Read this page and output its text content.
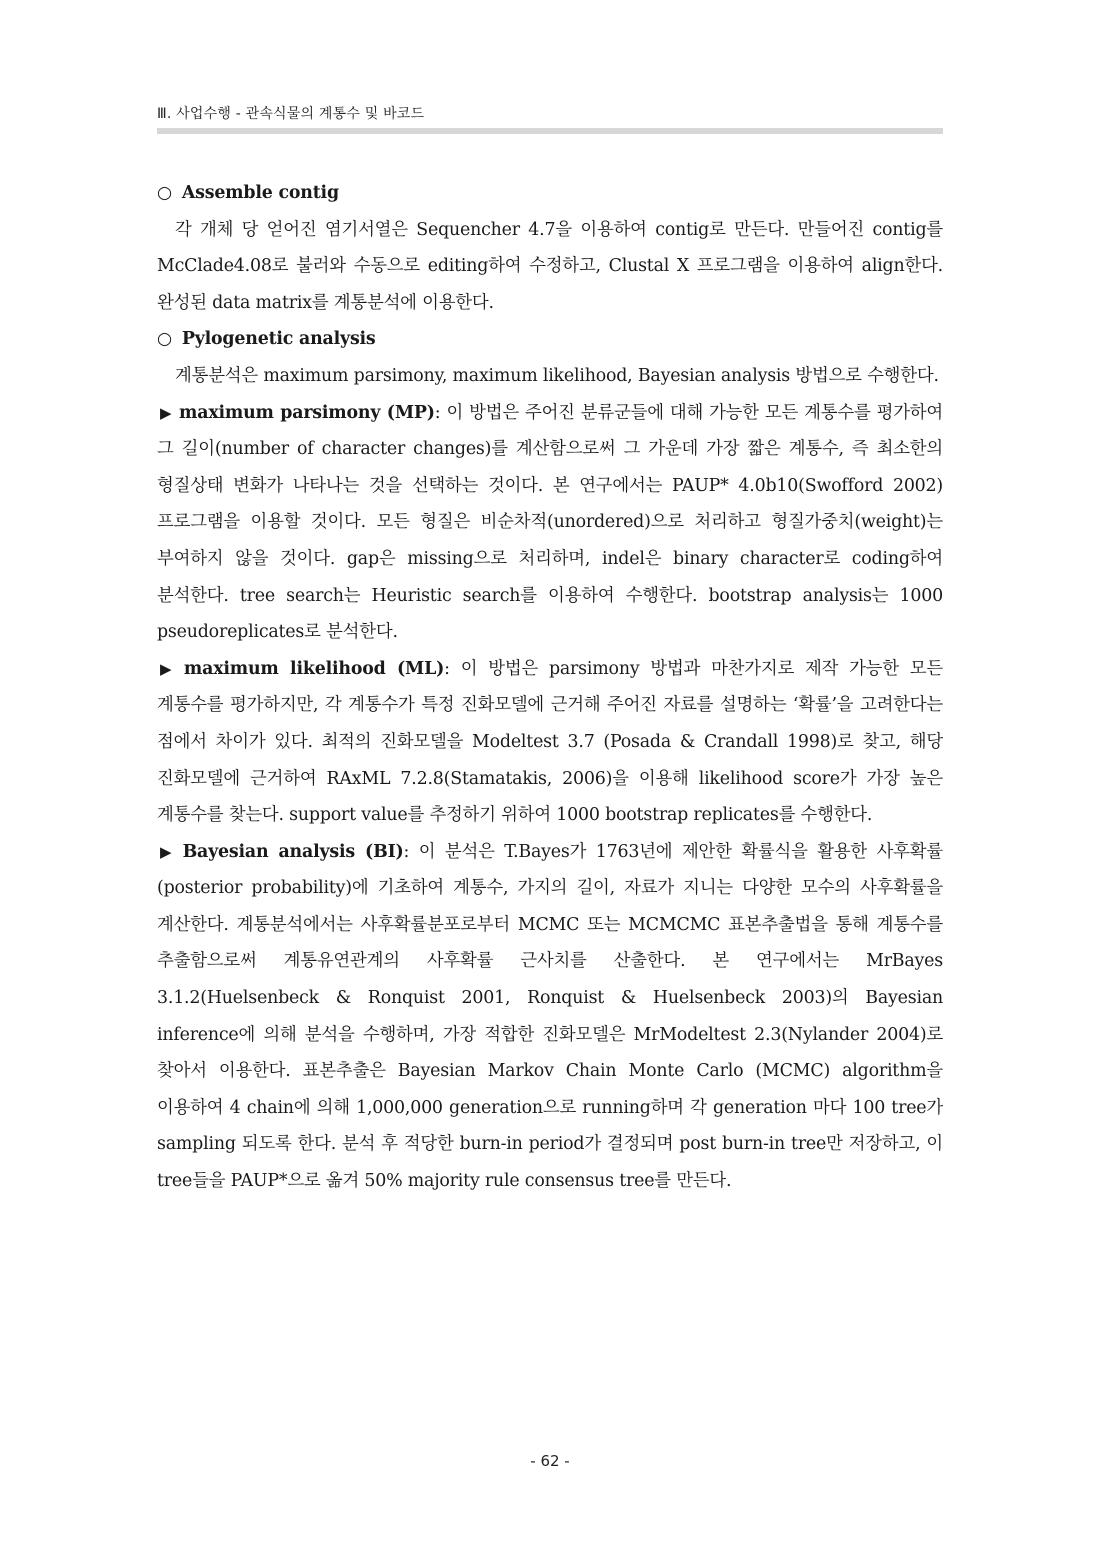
Ⅲ. 사업수행 - 관속식물의 계통수 및 바코드

○ Assemble contig

각 개체 당 얻어진 염기서열은 Sequencher 4.7을 이용하여 contig로 만든다. 만들어진 contig를 McClade4.08로 불러와 수동으로 editing하여 수정하고, Clustal X 프로그램을 이용하여 align한다. 완성된 data matrix를 계통분석에 이용한다.

○ Pylogenetic analysis

계통분석은 maximum parsimony, maximum likelihood, Bayesian analysis 방법으로 수행한다.

▶ maximum parsimony (MP): 이 방법은 주어진 분류군들에 대해 가능한 모든 계통수를 평가하여 그 길이(number of character changes)를 계산함으로써 그 가운데 가장 짧은 계통수, 즉 최소한의 형질상태 변화가 나타나는 것을 선택하는 것이다. 본 연구에서는 PAUP* 4.0b10(Swofford 2002) 프로그램을 이용할 것이다. 모든 형질은 비순차적(unordered)으로 처리하고 형질가중치(weight)는 부여하지 않을 것이다. gap은 missing으로 처리하며, indel은 binary character로 coding하여 분석한다. tree search는 Heuristic search를 이용하여 수행한다. bootstrap analysis는 1000 pseudoreplicates로 분석한다.

▶ maximum likelihood (ML): 이 방법은 parsimony 방법과 마찬가지로 제작 가능한 모든 계통수를 평가하지만, 각 계통수가 특정 진화모델에 근거해 주어진 자료를 설명하는 ‘확률’을 고려한다는 점에서 차이가 있다. 최적의 진화모델을 Modeltest 3.7 (Posada & Crandall 1998)로 찾고, 해당 진화모델에 근거하여 RAxML 7.2.8(Stamatakis, 2006)을 이용해 likelihood score가 가장 높은 계통수를 찾는다. support value를 추정하기 위하여 1000 bootstrap replicates를 수행한다.

▶ Bayesian analysis (BI): 이 분석은 T.Bayes가 1763년에 제안한 확률식을 활용한 사후확률(posterior probability)에 기초하여 계통수, 가지의 길이, 자료가 지니는 다양한 모수의 사후확률을 계산한다. 계통분석에서는 사후확률분포로부터 MCMC 또는 MCMCMC 표본추출법을 통해 계통수를 추출함으로써 계통유연관계의 사후확률 근사치를 산출한다. 본 연구에서는 MrBayes 3.1.2(Huelsenbeck & Ronquist 2001, Ronquist & Huelsenbeck 2003)의 Bayesian inference에 의해 분석을 수행하며, 가장 적합한 진화모델은 MrModeltest 2.3(Nylander 2004)로 찾아서 이용한다. 표본추출은 Bayesian Markov Chain Monte Carlo (MCMC) algorithm을 이용하여 4 chain에 의해 1,000,000 generation으로 running하며 각 generation 마다 100 tree가 sampling 되도록 한다. 분석 후 적당한 burn-in period가 결정되며 post burn-in tree만 저장하고, 이 tree들을 PAUP*으로 옮겨 50% majority rule consensus tree를 만든다.

- 62 -
